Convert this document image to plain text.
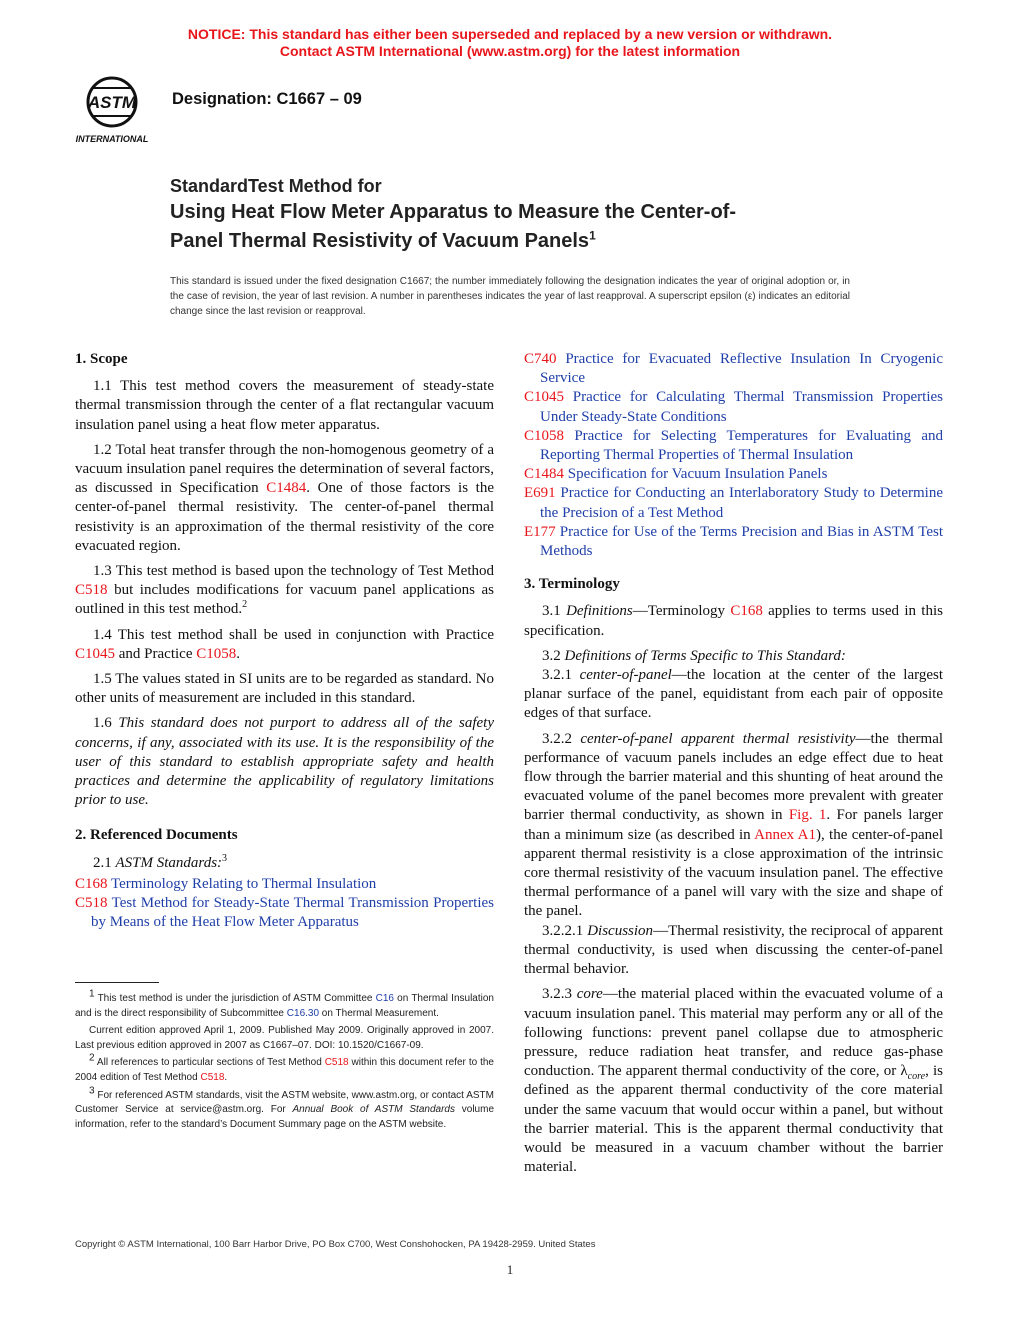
NOTICE: This standard has either been superseded and replaced by a new version or withdrawn.
Contact ASTM International (www.astm.org) for the latest information
ASTM
INTERNATIONAL
Designation: C1667 – 09
StandardTest Method for
Using Heat Flow Meter Apparatus to Measure the Center-of-
Panel Thermal Resistivity of Vacuum Panels$^1$
This standard is issued under the fixed designation C1667; the number immediately following the designation indicates the year of original adoption or, in the case of revision, the year of last revision. A number in parentheses indicates the year of last reapproval. A superscript epsilon (ε) indicates an editorial change since the last revision or reapproval.
1. Scope

1.1 This test method covers the measurement of steady-state thermal transmission through the center of a flat rectangular vacuum insulation panel using a heat flow meter apparatus.

1.2 Total heat transfer through the non-homogenous geometry of a vacuum insulation panel requires the determination of several factors, as discussed in Specification C1484. One of those factors is the center-of-panel thermal resistivity. The center-of-panel thermal resistivity is an approximation of the thermal resistivity of the core evacuated region.

1.3 This test method is based upon the technology of Test Method C518 but includes modifications for vacuum panel applications as outlined in this test method.$^2$

1.4 This test method shall be used in conjunction with Practice C1045 and Practice C1058.

1.5 The values stated in SI units are to be regarded as standard. No other units of measurement are included in this standard.

1.6 This standard does not purport to address all of the safety concerns, if any, associated with its use. It is the responsibility of the user of this standard to establish appropriate safety and health practices and determine the applicability of regulatory limitations prior to use.

2. Referenced Documents

2.1 ASTM Standards:$^3$

C168 Terminology Relating to Thermal Insulation

C518 Test Method for Steady-State Thermal Transmission Properties by Means of the Heat Flow Meter Apparatus

$^1$ This test method is under the jurisdiction of ASTM Committee C16 on Thermal Insulation and is the direct responsibility of Subcommittee C16.30 on Thermal Measurement.

Current edition approved April 1, 2009. Published May 2009. Originally approved in 2007. Last previous edition approved in 2007 as C1667–07. DOI: 10.1520/C1667-09.

$^2$ All references to particular sections of Test Method C518 within this document refer to the 2004 edition of Test Method C518.

$^3$ For referenced ASTM standards, visit the ASTM website, www.astm.org, or contact ASTM Customer Service at service@astm.org. For Annual Book of ASTM Standards volume information, refer to the standard’s Document Summary page on the ASTM website.

C740 Practice for Evacuated Reflective Insulation In Cryogenic Service

C1045 Practice for Calculating Thermal Transmission Properties Under Steady-State Conditions

C1058 Practice for Selecting Temperatures for Evaluating and Reporting Thermal Properties of Thermal Insulation

C1484 Specification for Vacuum Insulation Panels

E691 Practice for Conducting an Interlaboratory Study to Determine the Precision of a Test Method

E177 Practice for Use of the Terms Precision and Bias in ASTM Test Methods

3. Terminology

3.1 Definitions—Terminology C168 applies to terms used in this specification.

3.2 Definitions of Terms Specific to This Standard:

3.2.1 center-of-panel—the location at the center of the largest planar surface of the panel, equidistant from each pair of opposite edges of that surface.

3.2.2 center-of-panel apparent thermal resistivity—the thermal performance of vacuum panels includes an edge effect due to heat flow through the barrier material and this shunting of heat around the evacuated volume of the panel becomes more prevalent with greater barrier thermal conductivity, as shown in Fig. 1. For panels larger than a minimum size (as described in Annex A1), the center-of-panel apparent thermal resistivity is a close approximation of the intrinsic core thermal resistivity of the vacuum insulation panel. The effective thermal performance of a panel will vary with the size and shape of the panel.

3.2.2.1 Discussion—Thermal resistivity, the reciprocal of apparent thermal conductivity, is used when discussing the center-of-panel thermal behavior.

3.2.3 core—the material placed within the evacuated volume of a vacuum insulation panel. This material may perform any or all of the following functions: prevent panel collapse due to atmospheric pressure, reduce radiation heat transfer, and reduce gas-phase conduction. The apparent thermal conductivity of the core, or $\lambda_{core}$, is defined as the apparent thermal conductivity of the core material under the same vacuum that would occur within a panel, but without the barrier material. This is the apparent thermal conductivity that would be measured in a vacuum chamber without the barrier material.

Copyright © ASTM International, 100 Barr Harbor Drive, PO Box C700, West Conshohocken, PA 19428-2959. United States
1
